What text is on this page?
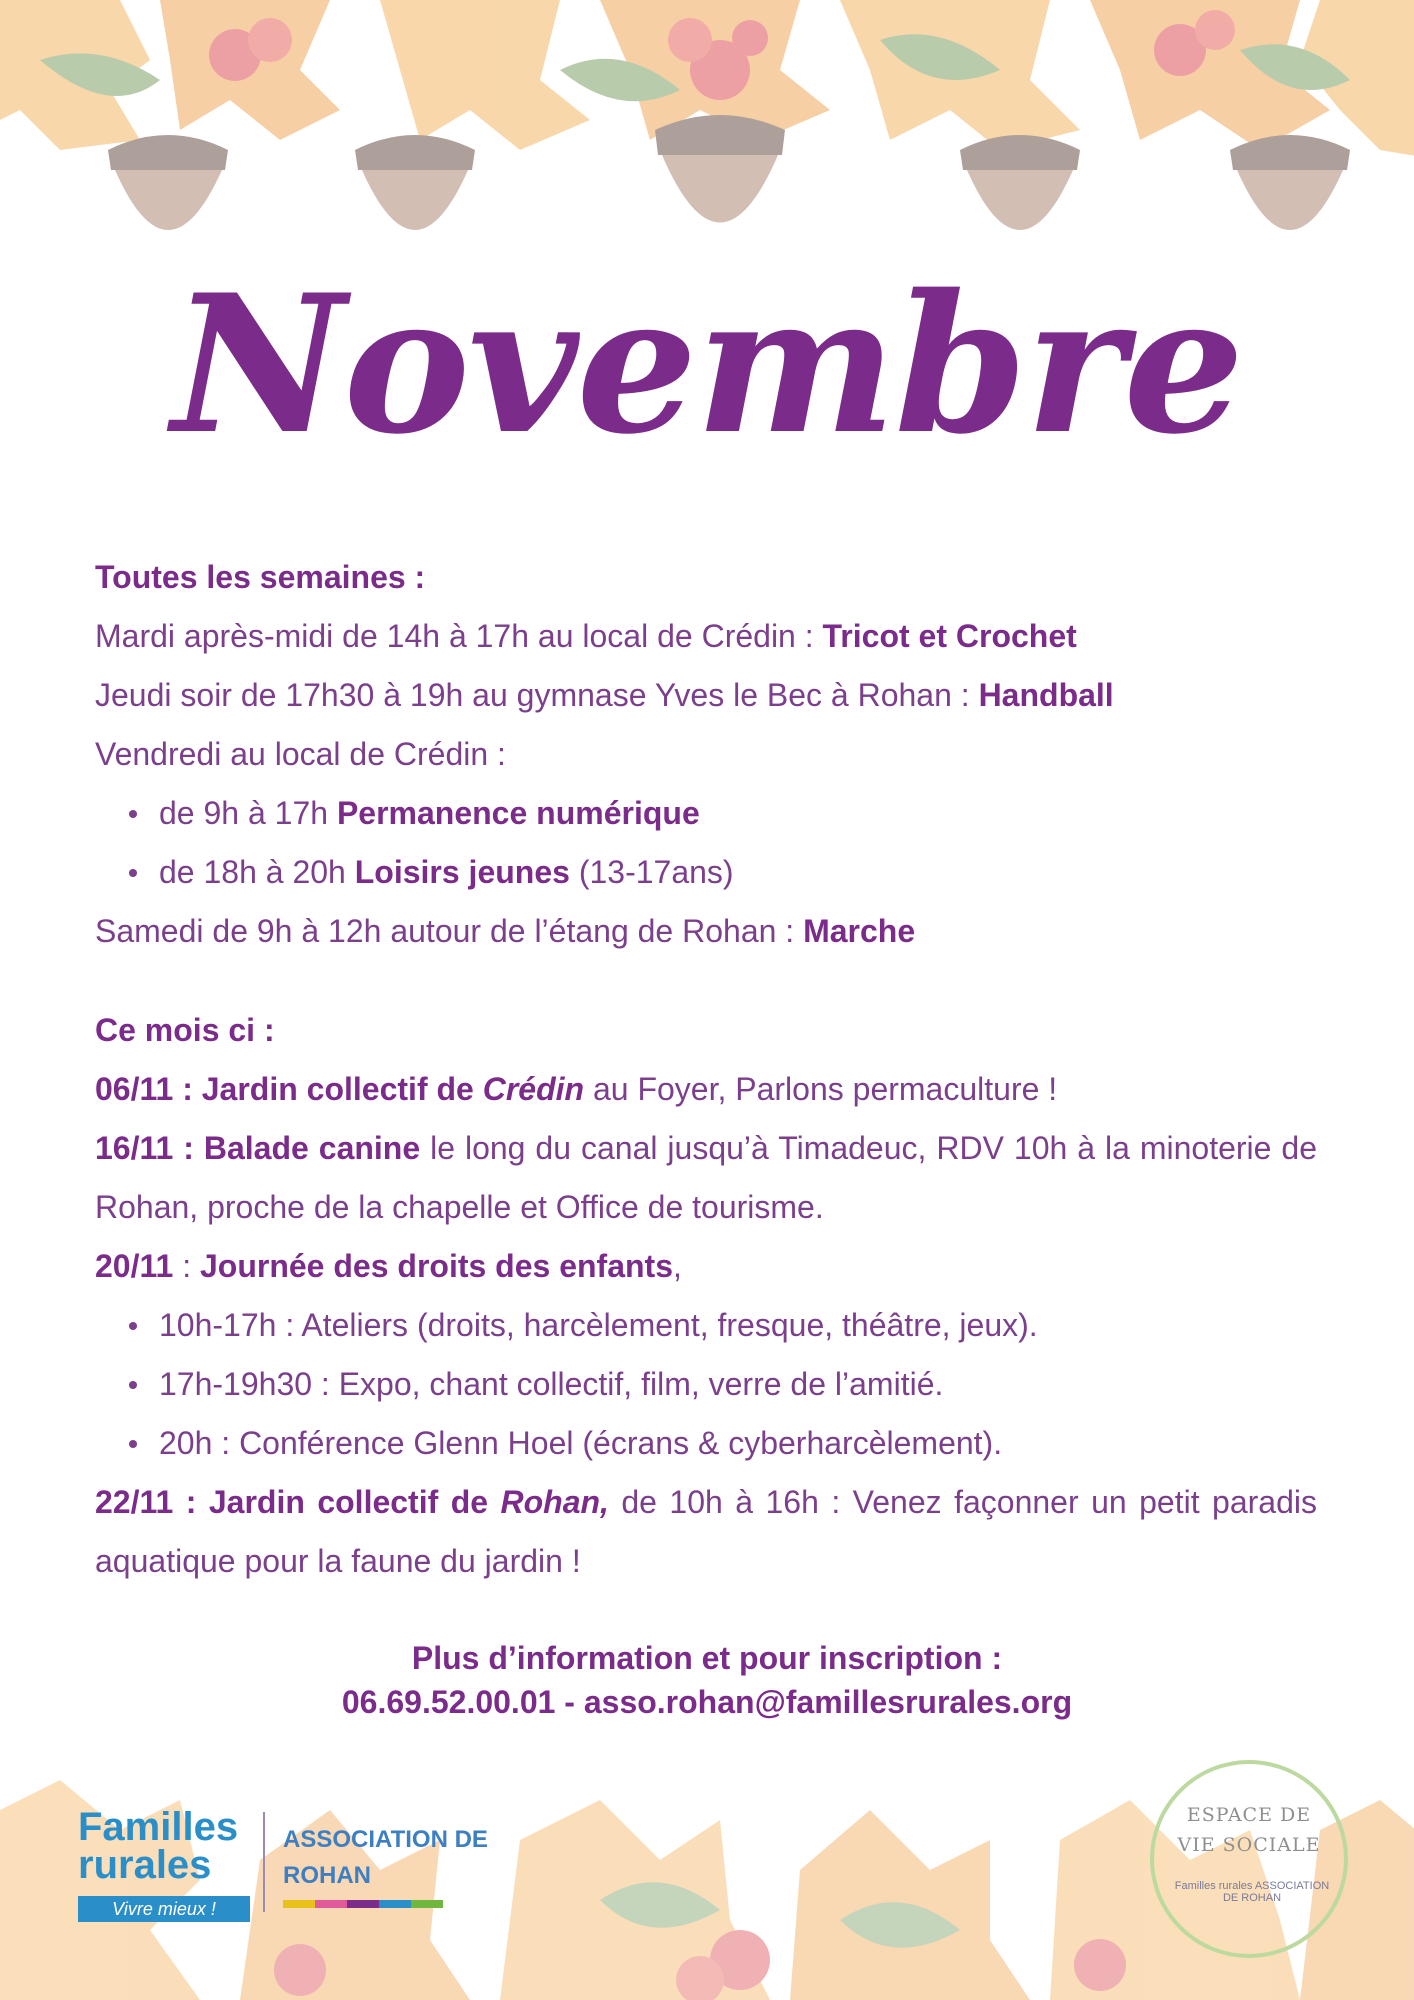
Novembre

Toutes les semaines :

Mardi après-midi de 14h à 17h au local de Crédin : Tricot et Crochet

Jeudi soir de 17h30 à 19h au gymnase Yves le Bec à Rohan : Handball

Vendredi au local de Crédin :

de 9h à 17h Permanence numérique
de 18h à 20h Loisirs jeunes (13-17ans)

Samedi de 9h à 12h autour de l’étang de Rohan : Marche

Ce mois ci :

06/11 : Jardin collectif de Crédin au Foyer, Parlons permaculture !

16/11 : Balade canine le long du canal jusqu’à Timadeuc, RDV 10h à la minoterie de Rohan, proche de la chapelle et Office de tourisme.

20/11 : Journée des droits des enfants,

10h-17h : Ateliers (droits, harcèlement, fresque, théâtre, jeux).
17h-19h30 : Expo, chant collectif, film, verre de l’amitié.
20h : Conférence Glenn Hoel (écrans & cyberharcèlement).

22/11 : Jardin collectif de Rohan, de 10h à 16h : Venez façonner un petit paradis aquatique pour la faune du jardin !

Plus d’information et pour inscription :
06.69.52.00.01 - asso.rohan@famillesrurales.org
Familles
rurales
Vivre mieux !
ASSOCIATION DE
ROHAN
ESPACE DE
VIE SOCIALE
Familles rurales ASSOCIATION DE ROHAN
